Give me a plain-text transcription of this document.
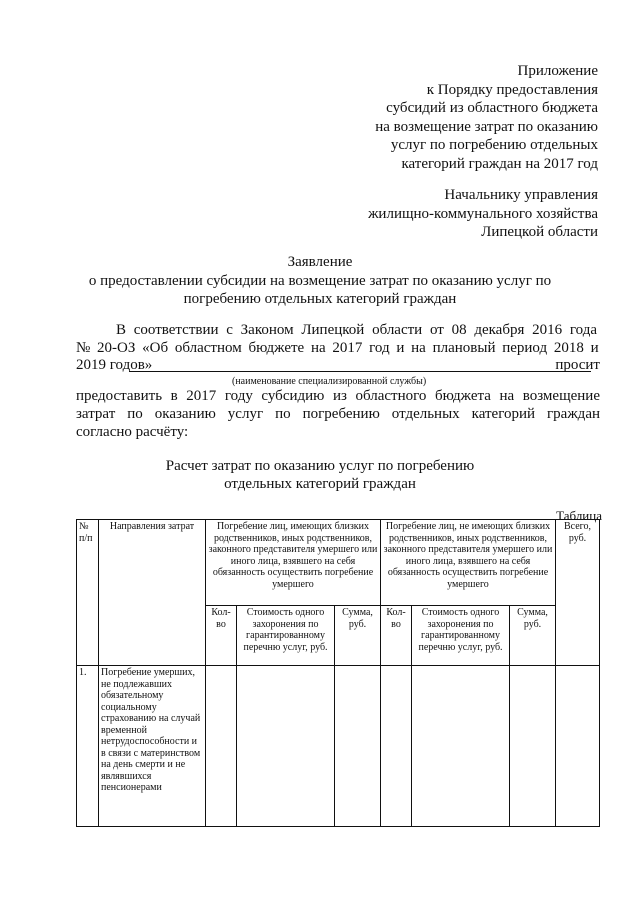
Приложение
к Порядку предоставления
субсидий из областного бюджета
на возмещение затрат по оказанию
услуг по погребению отдельных
категорий граждан на 2017 год
Начальнику управления
жилищно-коммунального хозяйства
Липецкой области
Заявление
о предоставлении субсидии на возмещение затрат по оказанию услуг по
погребению отдельных категорий граждан
В соответствии с Законом Липецкой области от 08 декабря 2016 года
№ 20-ОЗ «Об областном бюджете на 2017 год и на плановый период 2018 и
2019 годов»	просит
(наименование специализированной службы)
предоставить в 2017 году субсидию из областного бюджета на возмещение
затрат по оказанию услуг по погребению отдельных категорий граждан
согласно расчёту:
Расчет затрат по оказанию услуг по погребению
отдельных категорий граждан
Таблица
№ п/п	Направления затрат	Погребение лиц, имеющих близких родственников, иных родственников, законного представителя умершего или иного лица, взявшего на себя обязанность осуществить погребение умершего			Погребение лиц, не имеющих близких родственников, иных родственников, законного представителя умершего или иного лица, взявшего на себя обязанность осуществить погребение умершего			Всего, руб.
		Кол-во	Стоимость одного захоронения по гарантированному перечню услуг, руб.	Сумма, руб.	Кол-во	Стоимость одного захоронения по гарантированному перечню услуг, руб.	Сумма, руб.	
1.	Погребение умерших, не подлежавших обязательному социальному страхованию на случай временной нетрудоспособности и в связи с материнством на день смерти и не являвшихся пенсионерами							
